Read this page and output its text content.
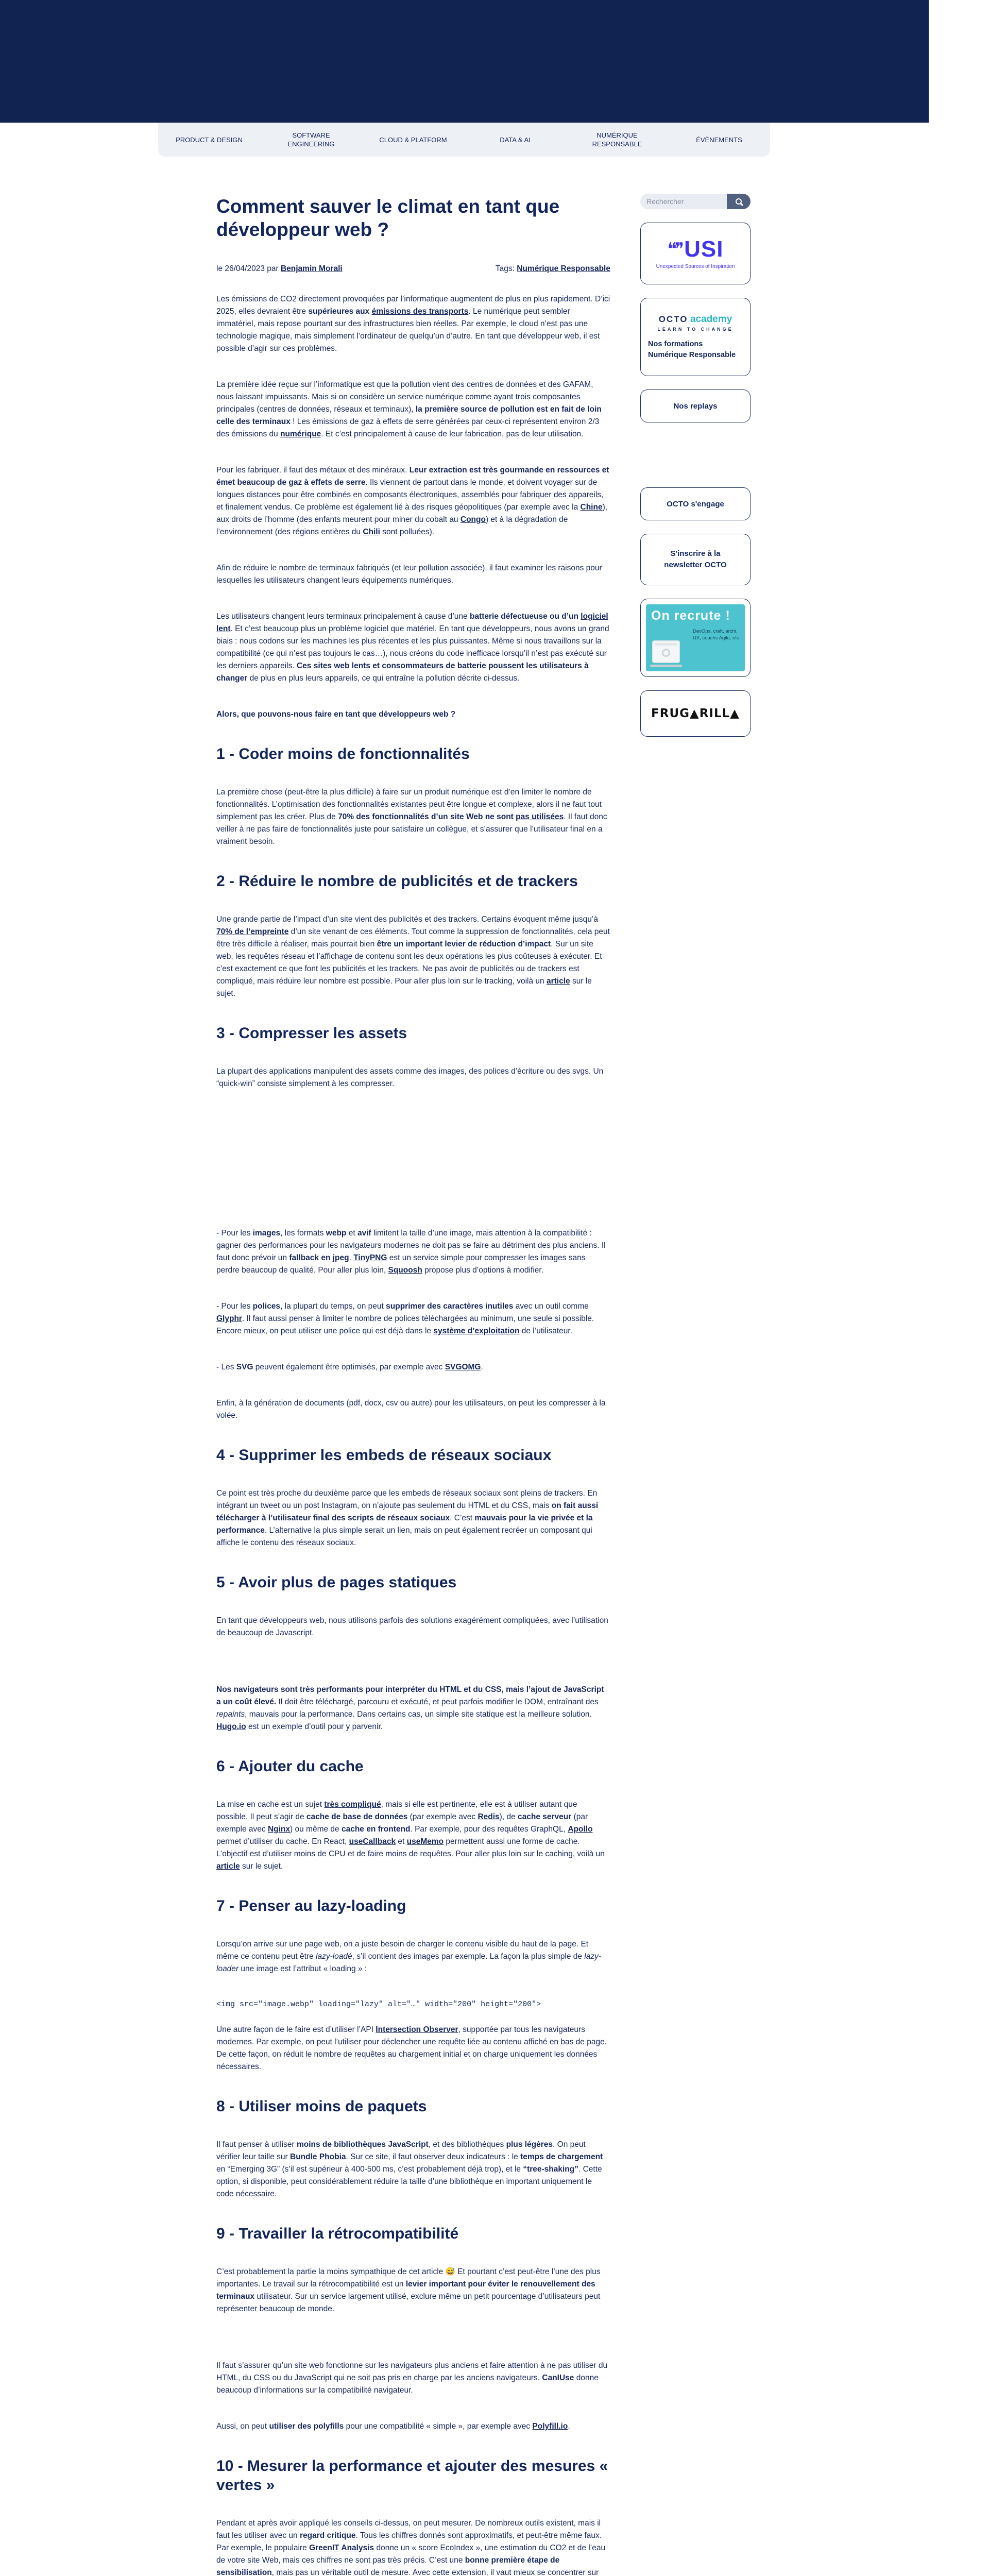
PRODUCT & DESIGN
SOFTWARE ENGINEERING
CLOUD & PLATFORM	DATA & AI
NUMÉRIQUE RESPONSABLE
ÉVÈNEMENTS
Comment sauver le climat en tant que développeur web ?
le 26/04/2023 par Benjamin Morali	Tags: Numérique Responsable

Les émissions de CO2 directement provoquées par l’informatique augmentent de plus en plus rapidement. D’ici 2025, elles devraient être supérieures aux émissions des transports. Le numérique peut sembler immatériel, mais repose pourtant sur des infrastructures bien réelles. Par exemple, le cloud n’est pas une technologie magique, mais simplement l’ordinateur de quelqu’un d’autre. En tant que développeur web, il est possible d’agir sur ces problèmes.

La première idée reçue sur l’informatique est que la pollution vient des centres de données et des GAFAM, nous laissant impuissants. Mais si on considère un service numérique comme ayant trois composantes principales (centres de données, réseaux et terminaux), la première source de pollution est en fait de loin celle des terminaux ! Les émissions de gaz à effets de serre générées par ceux-ci représentent environ 2/3 des émissions du numérique. Et c’est principalement à cause de leur fabrication, pas de leur utilisation.

Pour les fabriquer, il faut des métaux et des minéraux. Leur extraction est très gourmande en ressources et émet beaucoup de gaz à effets de serre. Ils viennent de partout dans le monde, et doivent voyager sur de longues distances pour être combinés en composants électroniques, assemblés pour fabriquer des appareils, et finalement vendus. Ce problème est également lié à des risques géopolitiques (par exemple avec la Chine), aux droits de l’homme (des enfants meurent pour miner du cobalt au Congo) et à la dégradation de l’environnement (des régions entières du Chili sont polluées).

Afin de réduire le nombre de terminaux fabriqués (et leur pollution associée), il faut examiner les raisons pour lesquelles les utilisateurs changent leurs équipements numériques.

Les utilisateurs changent leurs terminaux principalement à cause d’une batterie défectueuse ou d’un logiciel lent. Et c’est beaucoup plus un problème logiciel que matériel. En tant que développeurs, nous avons un grand biais : nous codons sur les machines les plus récentes et les plus puissantes. Même si nous travaillons sur la compatibilité (ce qui n’est pas toujours le cas…), nous créons du code inefficace lorsqu’il n’est pas exécuté sur les derniers appareils. Ces sites web lents et consommateurs de batterie poussent les utilisateurs à changer de plus en plus leurs appareils, ce qui entraîne la pollution décrite ci-dessus.

Alors, que pouvons-nous faire en tant que développeurs web ?

1 - Coder moins de fonctionnalités

La première chose (peut-être la plus difficile) à faire sur un produit numérique est d’en limiter le nombre de fonctionnalités. L’optimisation des fonctionnalités existantes peut être longue et complexe, alors il ne faut tout simplement pas les créer. Plus de 70% des fonctionnalités d’un site Web ne sont pas utilisées. Il faut donc veiller à ne pas faire de fonctionnalités juste pour satisfaire un collègue, et s’assurer que l’utilisateur final en a vraiment besoin.

2 - Réduire le nombre de publicités et de trackers

Une grande partie de l’impact d’un site vient des publicités et des trackers. Certains évoquent même jusqu’à 70% de l’empreinte d’un site venant de ces éléments. Tout comme la suppression de fonctionnalités, cela peut être très difficile à réaliser, mais pourrait bien être un important levier de réduction d’impact. Sur un site web, les requêtes réseau et l’affichage de contenu sont les deux opérations les plus coûteuses à exécuter. Et c’est exactement ce que font les publicités et les trackers. Ne pas avoir de publicités ou de trackers est compliqué, mais réduire leur nombre est possible. Pour aller plus loin sur le tracking, voilà un article sur le sujet.

3 - Compresser les assets

La plupart des applications manipulent des assets comme des images, des polices d’écriture ou des svgs. Un “quick-win” consiste simplement à les compresser.

- Pour les images, les formats webp et avif limitent la taille d’une image, mais attention à la compatibilité : gagner des performances pour les navigateurs modernes ne doit pas se faire au détriment des plus anciens. Il faut donc prévoir un fallback en jpeg. TinyPNG est un service simple pour compresser les images sans perdre beaucoup de qualité. Pour aller plus loin, Squoosh propose plus d’options à modifier.

- Pour les polices, la plupart du temps, on peut supprimer des caractères inutiles avec un outil comme Glyphr. Il faut aussi penser à limiter le nombre de polices téléchargées au minimum, une seule si possible. Encore mieux, on peut utiliser une police qui est déjà dans le système d’exploitation de l’utilisateur.

- Les SVG peuvent également être optimisés, par exemple avec SVGOMG.

Enfin, à la génération de documents (pdf, docx, csv ou autre) pour les utilisateurs, on peut les compresser à la volée.

4 - Supprimer les embeds de réseaux sociaux

Ce point est très proche du deuxième parce que les embeds de réseaux sociaux sont pleins de trackers. En intégrant un tweet ou un post Instagram, on n’ajoute pas seulement du HTML et du CSS, mais on fait aussi télécharger à l’utilisateur final des scripts de réseaux sociaux. C’est mauvais pour la vie privée et la performance. L’alternative la plus simple serait un lien, mais on peut également recréer un composant qui affiche le contenu des réseaux sociaux.

5 - Avoir plus de pages statiques

En tant que développeurs web, nous utilisons parfois des solutions exagérément compliquées, avec l’utilisation de beaucoup de Javascript.

Nos navigateurs sont très performants pour interpréter du HTML et du CSS, mais l’ajout de JavaScript a un coût élevé. Il doit être téléchargé, parcouru et exécuté, et peut parfois modifier le DOM, entraînant des repaints, mauvais pour la performance. Dans certains cas, un simple site statique est la meilleure solution. Hugo.io est un exemple d’outil pour y parvenir.

6 - Ajouter du cache

La mise en cache est un sujet très compliqué, mais si elle est pertinente, elle est à utiliser autant que possible. Il peut s’agir de cache de base de données (par exemple avec Redis), de cache serveur (par exemple avec Nginx) ou même de cache en frontend. Par exemple, pour des requêtes GraphQL, Apollo permet d’utiliser du cache. En React, useCallback et useMemo permettent aussi une forme de cache. L’objectif est d’utiliser moins de CPU et de faire moins de requêtes. Pour aller plus loin sur le caching, voilà un article sur le sujet.

7 - Penser au lazy-loading

Lorsqu’on arrive sur une page web, on a juste besoin de charger le contenu visible du haut de la page. Et même ce contenu peut être lazy-loadé, s’il contient des images par exemple. La façon la plus simple de lazy-loader une image est l’attribut « loading » :

<img src="image.webp" loading="lazy" alt="…" width="200" height="200">

Une autre façon de le faire est d’utiliser l’API Intersection Observer, supportée par tous les navigateurs modernes. Par exemple, on peut l’utiliser pour déclencher une requête liée au contenu affiché en bas de page. De cette façon, on réduit le nombre de requêtes au chargement initial et on charge uniquement les données nécessaires.

8 - Utiliser moins de paquets

Il faut penser à utiliser moins de bibliothèques JavaScript, et des bibliothèques plus légères. On peut vérifier leur taille sur Bundle Phobia. Sur ce site, il faut observer deux indicateurs : le temps de chargement en “Emerging 3G” (s’il est supérieur à 400-500 ms, c’est probablement déjà trop), et le “tree-shaking”. Cette option, si disponible, peut considérablement réduire la taille d’une bibliothèque en important uniquement le code nécessaire.

9 - Travailler la rétrocompatibilité

C’est probablement la partie la moins sympathique de cet article 😅 Et pourtant c’est peut-être l’une des plus importantes. Le travail sur la rétrocompatibilité est un levier important pour éviter le renouvellement des terminaux utilisateur. Sur un service largement utilisé, exclure même un petit pourcentage d’utilisateurs peut représenter beaucoup de monde.

Il faut s’assurer qu’un site web fonctionne sur les navigateurs plus anciens et faire attention à ne pas utiliser du HTML, du CSS ou du JavaScript qui ne soit pas pris en charge par les anciens navigateurs. CanIUse donne beaucoup d’informations sur la compatibilité navigateur.

Aussi, on peut utiliser des polyfills pour une compatibilité « simple », par exemple avec Polyfill.io.

10 - Mesurer la performance et ajouter des mesures « vertes »

Pendant et après avoir appliqué les conseils ci-dessus, on peut mesurer. De nombreux outils existent, mais il faut les utiliser avec un regard critique. Tous les chiffres donnés sont approximatifs, et peut-être même faux. Par exemple, le populaire GreenIT Analysis donne un « score EcoIndex », une estimation du CO2 et de l’eau de votre site Web, mais ces chiffres ne sont pas très précis. C’est une bonne première étape de sensibilisation, mais pas un véritable outil de mesure. Avec cette extension, il vaut mieux se concentrer sur

Rechercher
❝❞ USI
Unexpected Sources of Inspiration
OCTO academy
LEARN TO CHANGE
Nos formations Numérique Responsable
Nos replays
OCTO s'engage
S'inscrire à la newsletter OCTO
On recrute !
DevOps, craft, archi, UX, coachs Agile, etc.
FRUG▲RILL▲
